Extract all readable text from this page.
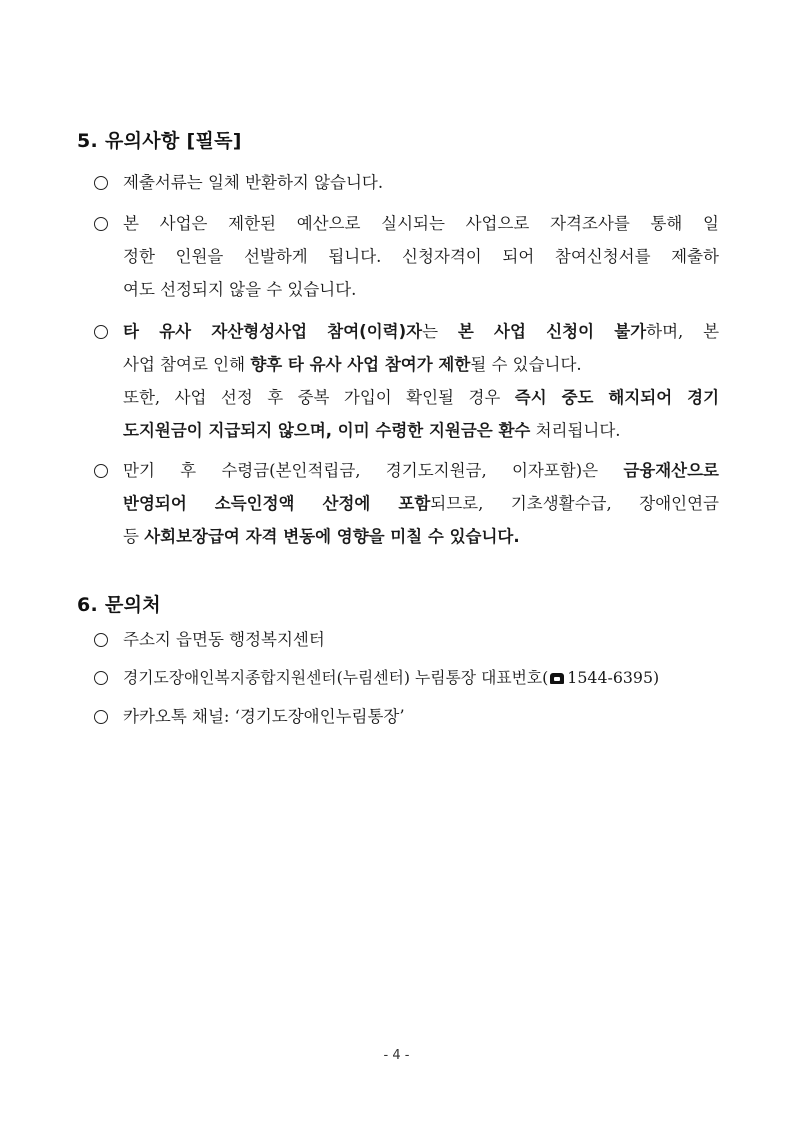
5. 유의사항 [필독]
제출서류는 일체 반환하지 않습니다.
본 사업은 제한된 예산으로 실시되는 사업으로 자격조사를 통해 일
정한 인원을 선발하게 됩니다. 신청자격이 되어 참여신청서를 제출하
여도 선정되지 않을 수 있습니다.
타 유사 자산형성사업 참여(이력)자는 본 사업 신청이 불가하며, 본
사업 참여로 인해 향후 타 유사 사업 참여가 제한될 수 있습니다.
또한, 사업 선정 후 중복 가입이 확인될 경우 즉시 중도 해지되어 경기
도지원금이 지급되지 않으며, 이미 수령한 지원금은 환수 처리됩니다.
만기 후 수령금(본인적립금, 경기도지원금, 이자포함)은 금융재산으로
반영되어 소득인정액 산정에 포함되므로, 기초생활수급, 장애인연금
등 사회보장급여 자격 변동에 영향을 미칠 수 있습니다.
6. 문의처
주소지 읍면동 행정복지센터
경기도장애인복지종합지원센터(누림센터) 누림통장 대표번호( 1544-6395)
카카오톡 채널: ‘경기도장애인누림통장’
- 4 -
